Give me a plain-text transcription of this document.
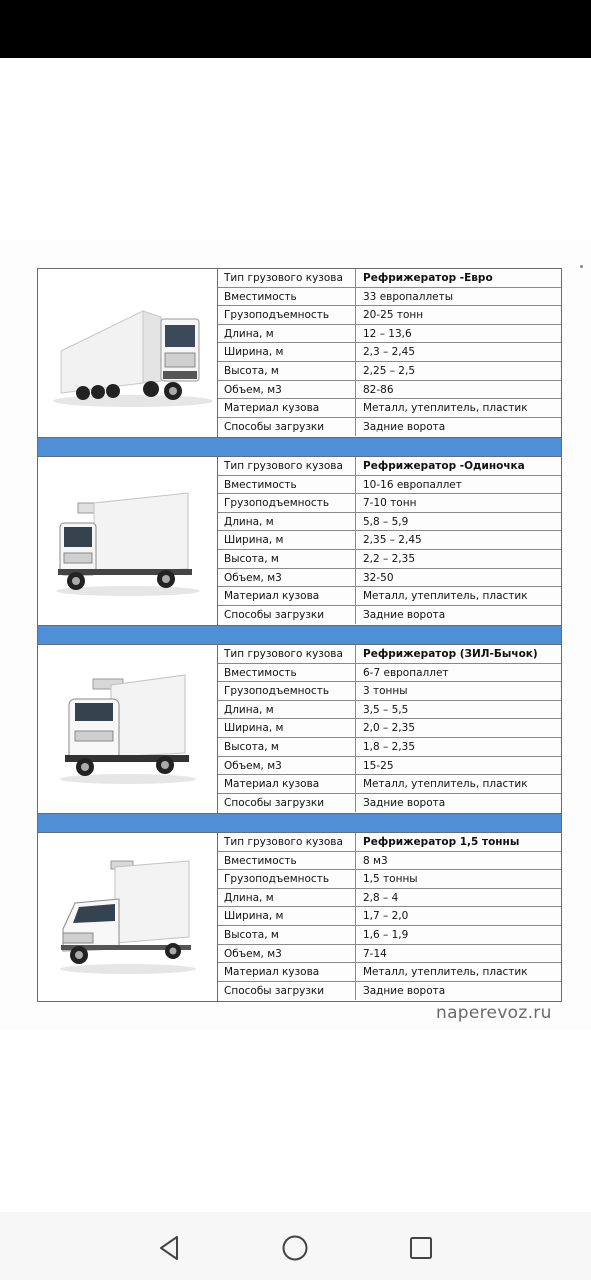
Тип грузового кузова	Рефрижератор -Евро
Вместимость	33 европаллеты
Грузоподъемность	20-25 тонн
Длина, м	12 – 13,6
Ширина, м	2,3 – 2,45
Высота, м	2,25 – 2,5
Объем, м3	82-86
Материал кузова	Металл, утеплитель, пластик
Способы загрузки	Задние ворота
Тип грузового кузова	Рефрижератор -Одиночка
Вместимость	10-16 европаллет
Грузоподъемность	7-10 тонн
Длина, м	5,8 – 5,9
Ширина, м	2,35 – 2,45
Высота, м	2,2 – 2,35
Объем, м3	32-50
Материал кузова	Металл, утеплитель, пластик
Способы загрузки	Задние ворота
Тип грузового кузова	Рефрижератор (ЗИЛ-Бычок)
Вместимость	6-7 европаллет
Грузоподъемность	3 тонны
Длина, м	3,5 – 5,5
Ширина, м	2,0 – 2,35
Высота, м	1,8 – 2,35
Объем, м3	15-25
Материал кузова	Металл, утеплитель, пластик
Способы загрузки	Задние ворота
Тип грузового кузова	Рефрижератор 1,5 тонны
Вместимость	8 м3
Грузоподъемность	1,5 тонны
Длина, м	2,8 – 4
Ширина, м	1,7 – 2,0
Высота, м	1,6 – 1,9
Объем, м3	7-14
Материал кузова	Металл, утеплитель, пластик
Способы загрузки	Задние ворота
naperevoz.ru
